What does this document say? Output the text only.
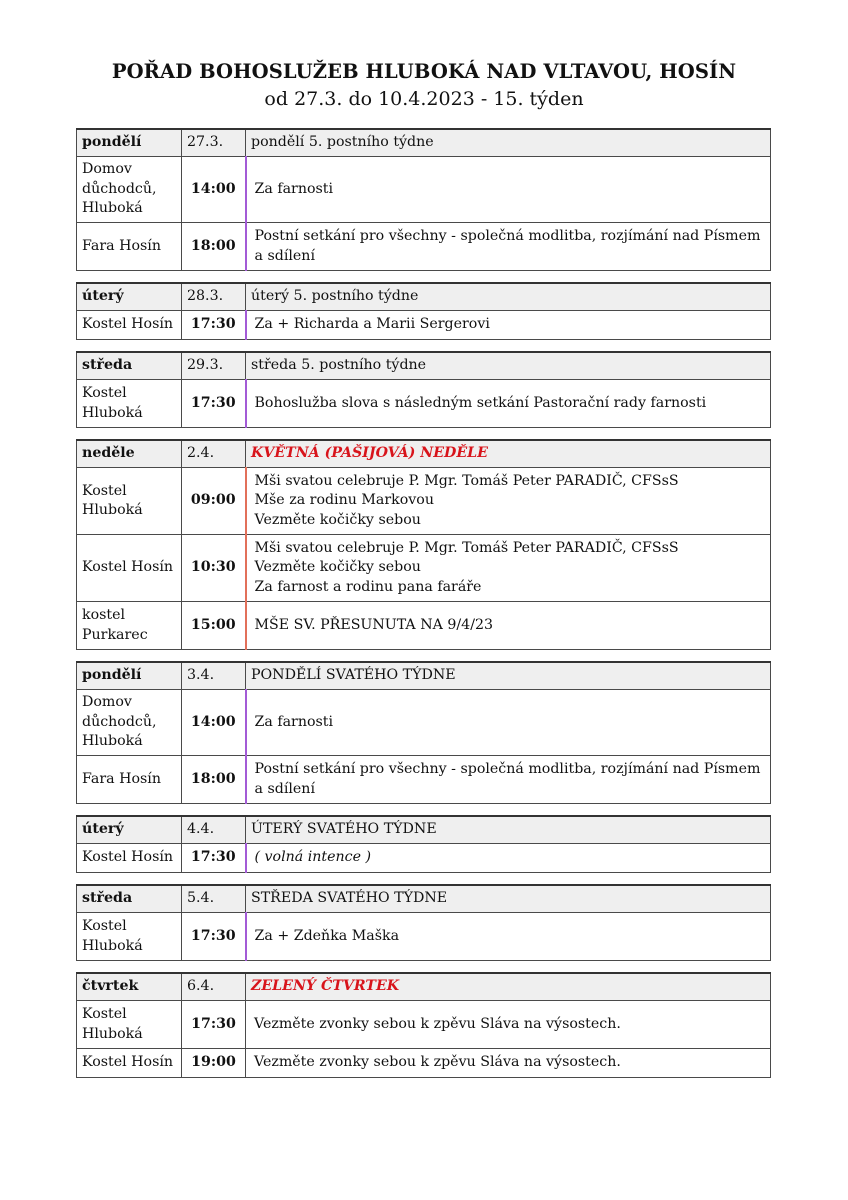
POŘAD BOHOSLUŽEB HLUBOKÁ NAD VLTAVOU, HOSÍN
od 27.3. do 10.4.2023 - 15. týden
pondělí	27.3.	pondělí 5. postního týdne
Domov důchodců, Hluboká	14:00	Za farnosti

Fara Hosín	18:00	Postní setkání pro všechny - společná modlitba, rozjímání nad Písmem a sdílení
úterý	28.3.	úterý 5. postního týdne
Kostel Hosín	17:30	Za + Richarda a Marii Sergerovi
středa	29.3.	středa 5. postního týdne
Kostel Hluboká	17:30	Bohoslužba slova s následným setkání Pastorační rady farnosti
neděle	2.4.	KVĚTNÁ (PAŠIJOVÁ) NEDĚLE
Kostel Hluboká	09:00	Mši svatou celebruje P. Mgr. Tomáš Peter PARADIČ, CFSsS
Mše za rodinu Markovou
Vezměte kočičky sebou

Kostel Hosín	10:30	Mši svatou celebruje P. Mgr. Tomáš Peter PARADIČ, CFSsS
Vezměte kočičky sebou
Za farnost a rodinu pana faráře

kostel Purkarec	15:00	MŠE SV. PŘESUNUTA NA 9/4/23
pondělí	3.4.	PONDĚLÍ SVATÉHO TÝDNE
Domov důchodců, Hluboká	14:00	Za farnosti

Fara Hosín	18:00	Postní setkání pro všechny - společná modlitba, rozjímání nad Písmem a sdílení
úterý	4.4.	ÚTERÝ SVATÉHO TÝDNE
Kostel Hosín	17:30	( volná intence )
středa	5.4.	STŘEDA SVATÉHO TÝDNE
Kostel Hluboká	17:30	Za + Zdeňka Maška
čtvrtek	6.4.	ZELENÝ ČTVRTEK
Kostel Hluboká	17:30	Vezměte zvonky sebou k zpěvu Sláva na výsostech.

Kostel Hosín	19:00	Vezměte zvonky sebou k zpěvu Sláva na výsostech.
